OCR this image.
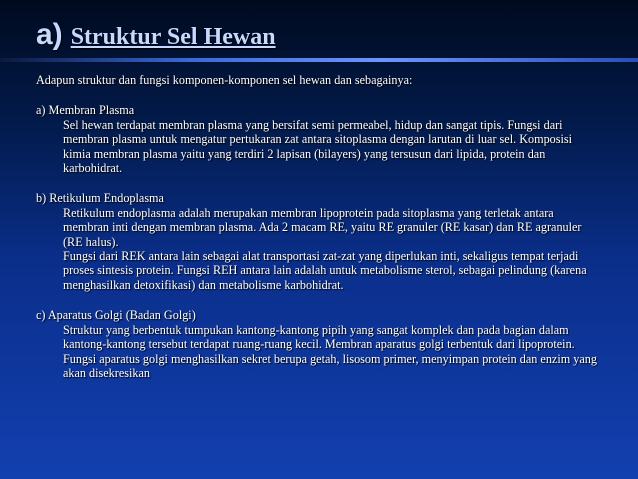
a) Struktur Sel Hewan

Adapun struktur dan fungsi komponen-komponen sel hewan dan sebagainya:

a) Membran Plasma

Sel hewan terdapat membran plasma yang bersifat semi permeabel, hidup dan sangat tipis. Fungsi dari membran plasma untuk mengatur pertukaran zat antara sitoplasma dengan larutan di luar sel. Komposisi kimia membran plasma yaitu yang terdiri 2 lapisan (bilayers) yang tersusun dari lipida, protein dan karbohidrat.

b) Retikulum Endoplasma

Retikulum endoplasma adalah merupakan membran lipoprotein pada sitoplasma yang terletak antara membran inti dengan membran plasma. Ada 2 macam RE, yaitu RE granuler (RE kasar) dan RE agranuler (RE halus).

Fungsi dari REK antara lain sebagai alat transportasi zat-zat yang diperlukan inti, sekaligus tempat terjadi proses sintesis protein. Fungsi REH antara lain adalah untuk metabolisme sterol, sebagai pelindung (karena menghasilkan detoxifikasi) dan metabolisme karbohidrat.

c) Aparatus Golgi (Badan Golgi)

Struktur yang berbentuk tumpukan kantong-kantong pipih yang sangat komplek dan pada bagian dalam kantong-kantong tersebut terdapat ruang-ruang kecil. Membran aparatus golgi terbentuk dari lipoprotein.

Fungsi aparatus golgi menghasilkan sekret berupa getah, lisosom primer, menyimpan protein dan enzim yang akan disekresikan
